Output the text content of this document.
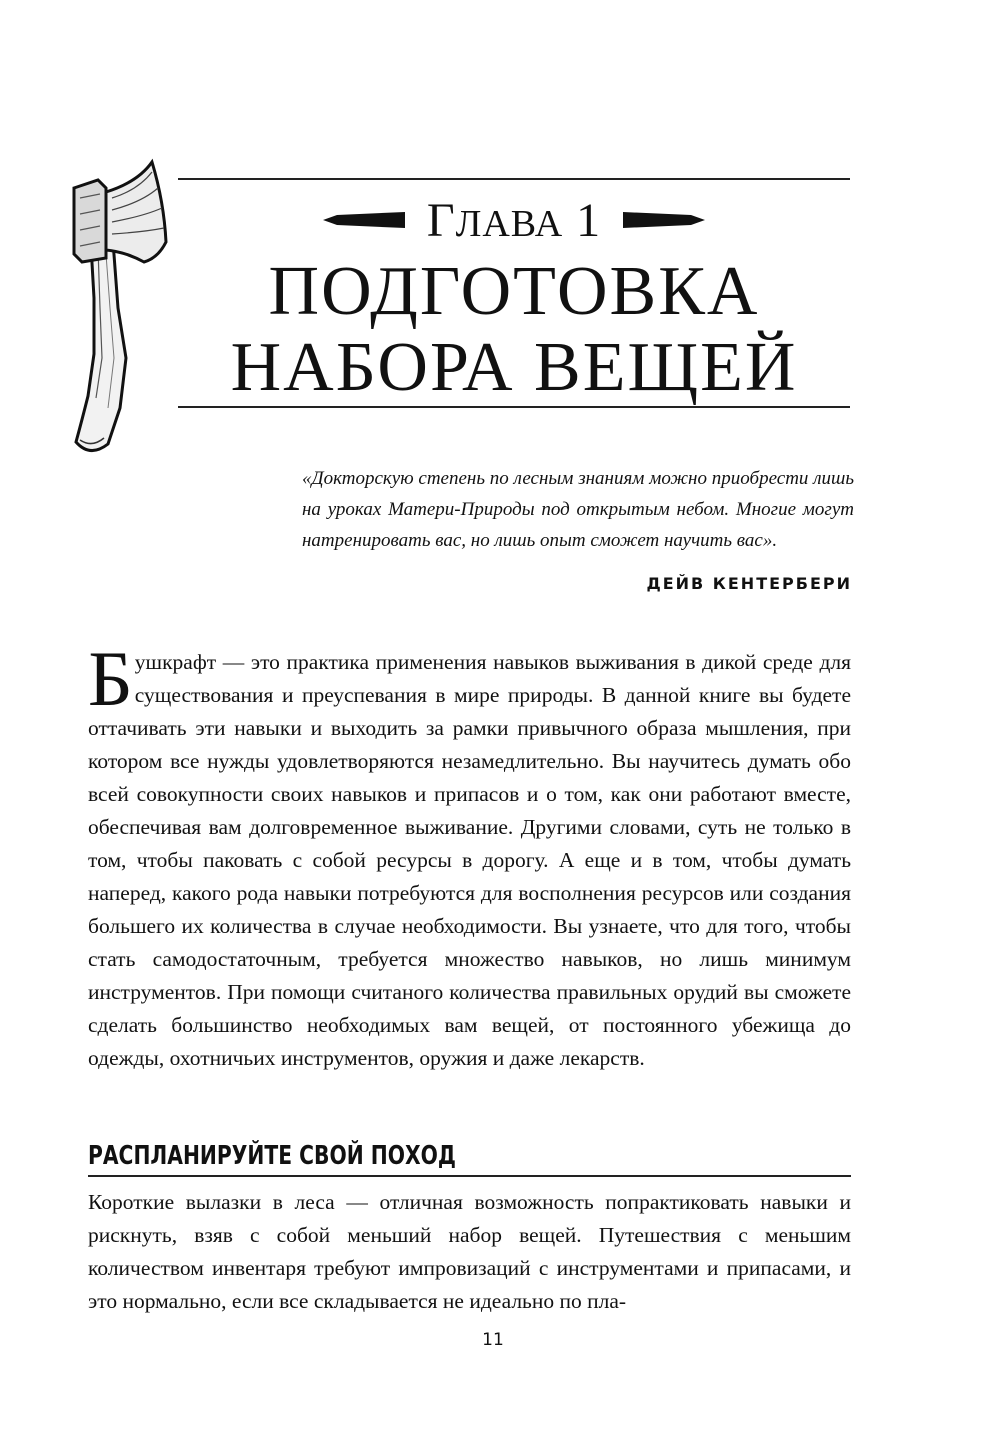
ГЛАВА 1
ПОДГОТОВКА
НАБОРА ВЕЩЕЙ
«Докторскую степень по лесным знаниям можно приобрести лишь на уроках Матери-Природы под открытым небом. Многие могут натренировать вас, но лишь опыт сможет научить вас».
ДЕЙВ КЕНТЕРБЕРИ

Бушкрафт — это практика применения навыков выживания в дикой среде для существования и преуспевания в мире природы. В данной книге вы будете оттачивать эти навыки и выходить за рамки привычного образа мышления, при котором все нужды удовлетворяются незамедлительно. Вы научитесь думать обо всей совокупности своих навыков и припасов и о том, как они работают вместе, обеспечивая вам долговременное выживание. Другими словами, суть не только в том, чтобы паковать с собой ресурсы в дорогу. А еще и в том, чтобы думать наперед, какого рода навыки потребуются для восполнения ресурсов или создания большего их количества в случае необходимости. Вы узнаете, что для того, чтобы стать самодостаточным, требуется множество навыков, но лишь минимум инструментов. При помощи считаного количества правильных орудий вы сможете сделать большинство необходимых вам вещей, от постоянного убежища до одежды, охотничьих инструментов, оружия и даже лекарств.

РАСПЛАНИРУЙТЕ СВОЙ ПОХОД

Короткие вылазки в леса — отличная возможность попрактиковать навыки и рискнуть, взяв с собой меньший набор вещей. Путешествия с меньшим количеством инвентаря требуют импровизаций с инструментами и припасами, и это нормально, если все складывается не идеально по пла-

11
